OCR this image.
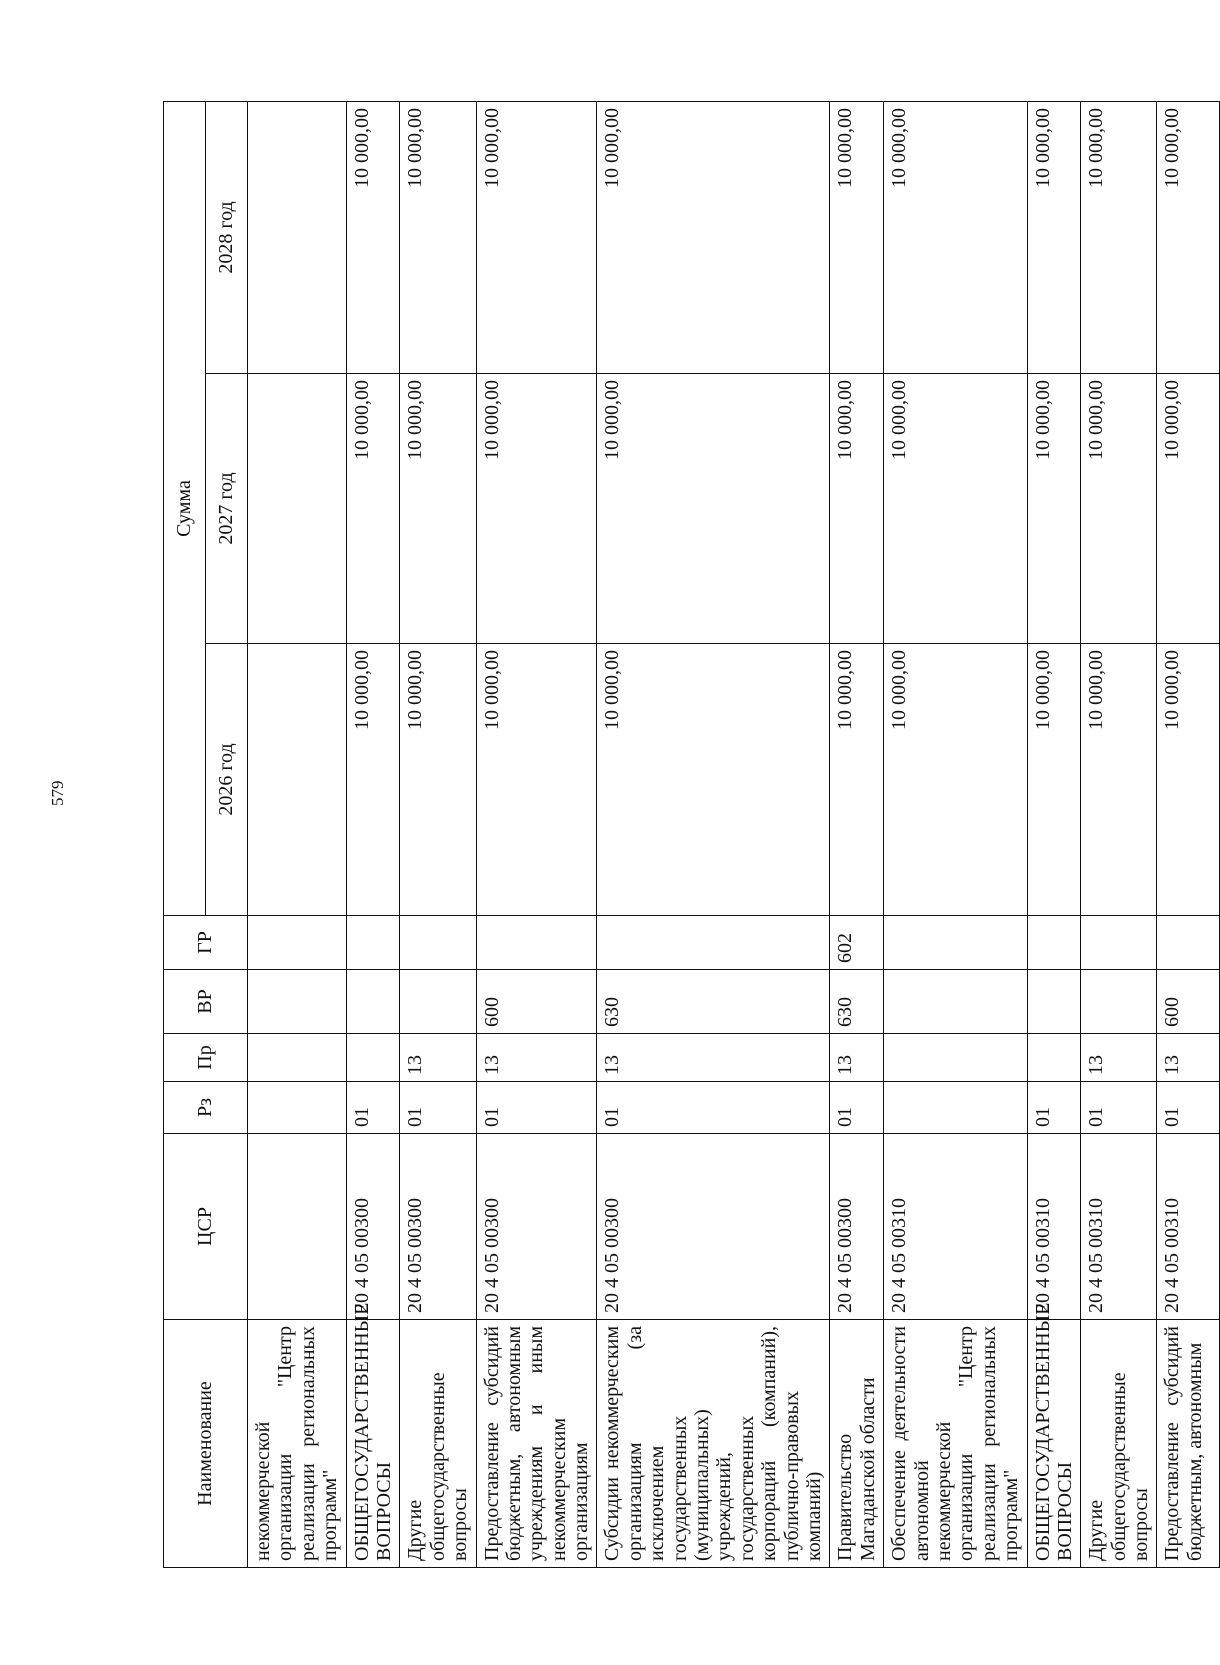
579
Наименование	ЦСР	Рз	Пр	ВР	ГР	Сумма		
						2026 год	2027 год	2028 год
некоммерческой организации "Центр реализации региональных программ"								
ОБЩЕГОСУДАРСТВЕННЫЕ ВОПРОСЫ	20 4 05 00300	01				10 000,00	10 000,00	10 000,00
Другие общегосударственные вопросы	20 4 05 00300	01	13			10 000,00	10 000,00	10 000,00
Предоставление субсидий бюджетным, автономным учреждениям и иным некоммерческим организациям	20 4 05 00300	01	13	600		10 000,00	10 000,00	10 000,00
Субсидии некоммерческим организациям (за исключением государственных (муниципальных) учреждений, государственных корпораций (компаний), публично-правовых компаний)	20 4 05 00300	01	13	630		10 000,00	10 000,00	10 000,00
Правительство Магаданской области	20 4 05 00300	01	13	630	602	10 000,00	10 000,00	10 000,00
Обеспечение деятельности автономной некоммерческой организации "Центр реализации региональных программ"	20 4 05 00310					10 000,00	10 000,00	10 000,00
ОБЩЕГОСУДАРСТВЕННЫЕ ВОПРОСЫ	20 4 05 00310	01				10 000,00	10 000,00	10 000,00
Другие общегосударственные вопросы	20 4 05 00310	01	13			10 000,00	10 000,00	10 000,00
Предоставление субсидий бюджетным, автономным	20 4 05 00310	01	13	600		10 000,00	10 000,00	10 000,00
